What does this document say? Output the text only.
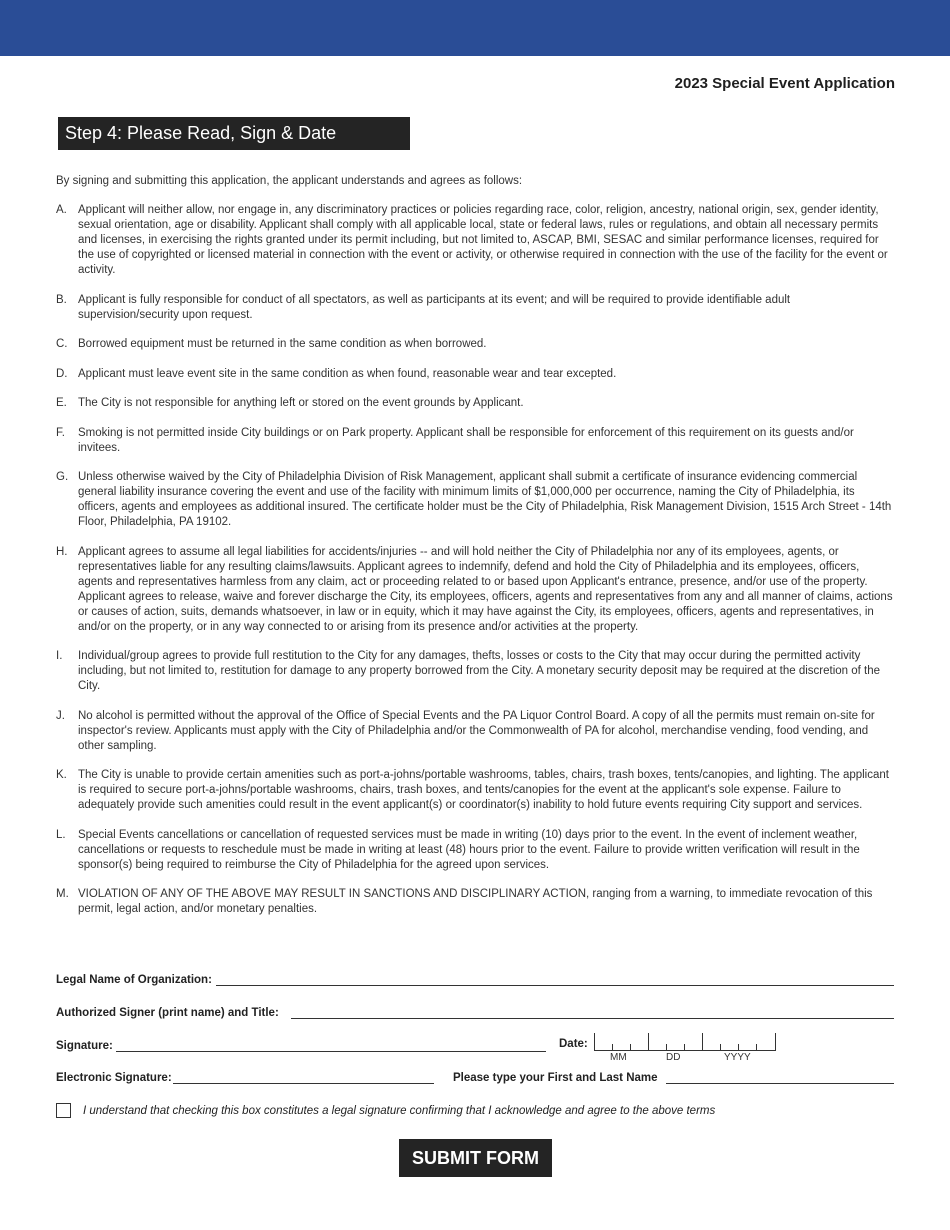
2023 Special Event Application
Step 4: Please Read, Sign & Date

By signing and submitting this application, the applicant understands and agrees as follows:

A. Applicant will neither allow, nor engage in, any discriminatory practices or policies regarding race, color, religion, ancestry, national origin, sex, gender identity, sexual orientation, age or disability. Applicant shall comply with all applicable local, state or federal laws, rules or regulations, and obtain all necessary permits and licenses, in exercising the rights granted under its permit including, but not limited to, ASCAP, BMI, SESAC and similar performance licenses, required for the use of copyrighted or licensed material in connection with the event or activity, or otherwise required in connection with the use of the facility for the event or activity.
B. Applicant is fully responsible for conduct of all spectators, as well as participants at its event; and will be required to provide identifiable adult supervision/security upon request.
C. Borrowed equipment must be returned in the same condition as when borrowed.
D. Applicant must leave event site in the same condition as when found, reasonable wear and tear excepted.
E. The City is not responsible for anything left or stored on the event grounds by Applicant.
F.	Smoking is not permitted inside City buildings or on Park property. Applicant shall be responsible for enforcement of this requirement on its guests and/or invitees.
G. Unless otherwise waived by the City of Philadelphia Division of Risk Management, applicant shall submit a certificate of insurance evidencing commercial general liability insurance covering the event and use of the facility with minimum limits of $1,000,000 per occurrence, naming the City of Philadelphia, its officers, agents and employees as additional insured. The certificate holder must be the City of Philadelphia, Risk Management Division, 1515 Arch Street - 14th Floor, Philadelphia, PA 19102.
H. Applicant agrees to assume all legal liabilities for accidents/injuries -- and will hold neither the City of Philadelphia nor any of its employees, agents, or representatives liable for any resulting claims/lawsuits. Applicant agrees to indemnify, defend and hold the City of Philadelphia and its employees, officers, agents and representatives harmless from any claim, act or proceeding related to or based upon Applicant's entrance, presence, and/or use of the property. Applicant agrees to release, waive and forever discharge the City, its employees, officers, agents and representatives from any and all manner of claims, actions or causes of action, suits, demands whatsoever, in law or in equity, which it may have against the City, its employees, officers, agents and representatives, in and/or on the property, or in any way connected to or arising from its presence and/or activities at the property.
I.	Individual/group agrees to provide full restitution to the City for any damages, thefts, losses or costs to the City that may occur during the permitted activity including, but not limited to, restitution for damage to any property borrowed from the City. A monetary security deposit may be required at the discretion of the City.
J.	No alcohol is permitted without the approval of the Office of Special Events and the PA Liquor Control Board. A copy of all the permits must remain on-site for inspector's review. Applicants must apply with the City of Philadelphia and/or the Commonwealth of PA for alcohol, merchandise vending, food vending, and other sampling.
K. The City is unable to provide certain amenities such as port-a-johns/portable washrooms, tables, chairs, trash boxes, tents/canopies, and lighting. The applicant is required to secure port-a-johns/portable washrooms, chairs, trash boxes, and tents/canopies for the event at the applicant's sole expense. Failure to adequately provide such amenities could result in the event applicant(s) or coordinator(s) inability to hold future events requiring City support and services.
L.	Special Events cancellations or cancellation of requested services must be made in writing (10) days prior to the event. In the event of inclement weather, cancellations or requests to reschedule must be made in writing at least (48) hours prior to the event. Failure to provide written verification will result in the sponsor(s) being required to reimburse the City of Philadelphia for the agreed upon services.
M. VIOLATION OF ANY OF THE ABOVE MAY RESULT IN SANCTIONS AND DISCIPLINARY ACTION, ranging from a warning, to immediate revocation of this permit, legal action, and/or monetary penalties.
Legal Name of Organization:
Authorized Signer (print name) and Title:
Signature:	Date:
MM	DD	YYYY
Electronic Signature:	Please type your First and Last Name
I understand that checking this box constitutes a legal signature confirming that I acknowledge and agree to the above terms
SUBMIT FORM
